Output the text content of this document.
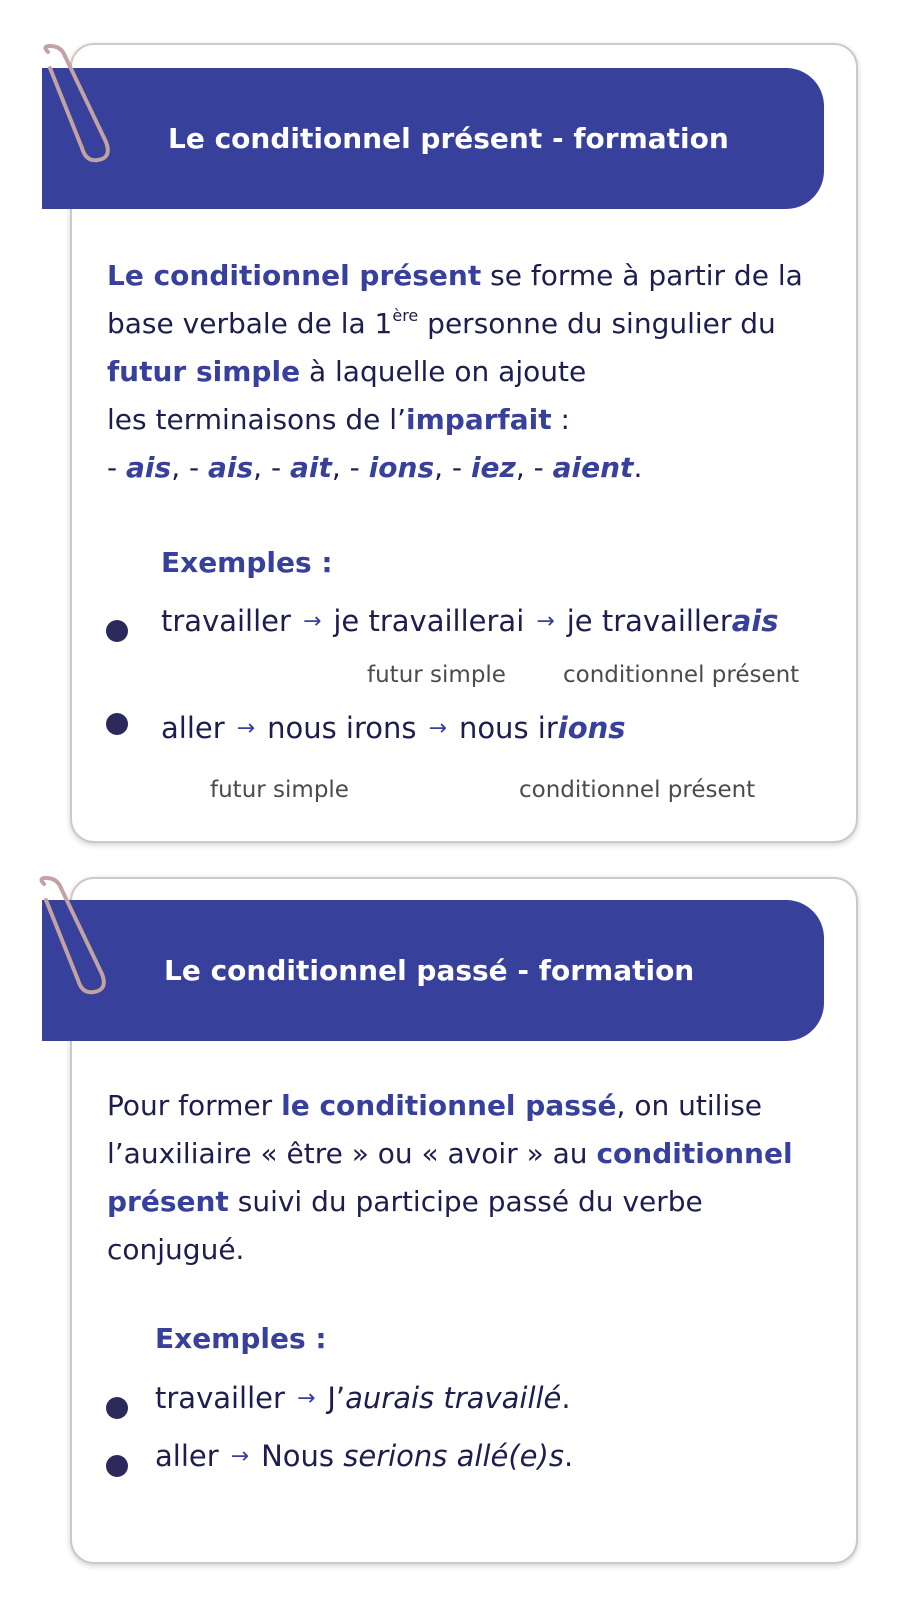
Le conditionnel présent - formation
Le conditionnel présent se forme à partir de la
base verbale de la 1ère personne du singulier du
futur simple à laquelle on ajoute
les terminaisons de l’imparfait :
- ais, - ais, - ait, - ions, - iez, - aient.
Exemples :
travailler → je travaillerai → je travaillerais
futur simple conditionnel présent
aller → nous irons → nous irions
futur simple	conditionnel présent
Le conditionnel passé - formation
Pour former le conditionnel passé, on utilise
l’auxiliaire « être » ou « avoir » au conditionnel
présent suivi du participe passé du verbe
conjugué.
Exemples :
travailler → J’aurais travaillé.
aller → Nous serions allé(e)s.
